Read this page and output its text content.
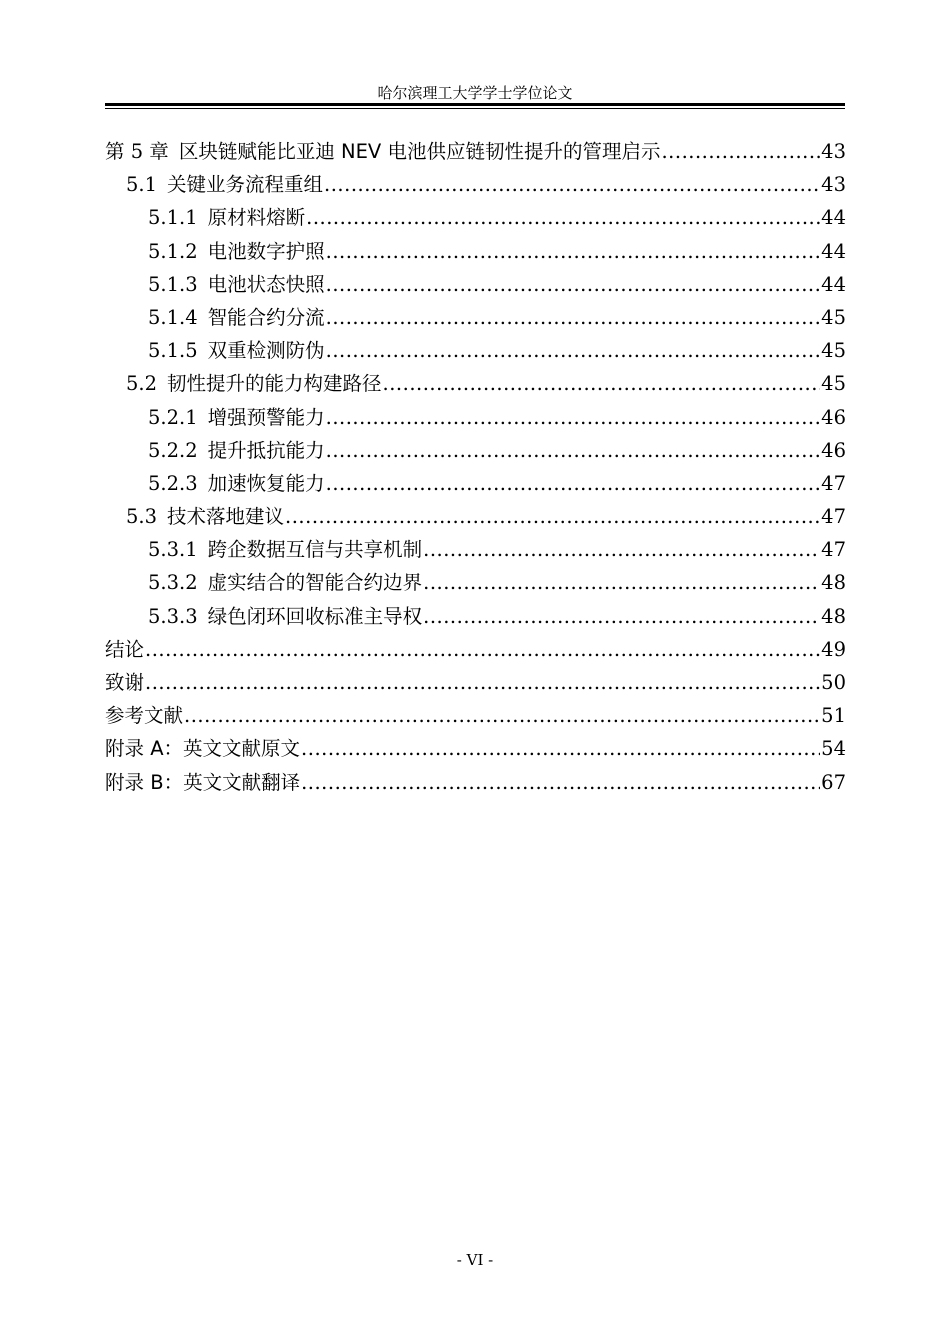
哈尔滨理工大学学士学位论文
第 5 章 区块链赋能比亚迪 NEV 电池供应链韧性提升的管理启示 .....	43
5.1 关键业务流程重组 .....	43
5.1.1 原材料熔断 .....	44
5.1.2 电池数字护照 .....	44
5.1.3 电池状态快照 .....	44
5.1.4 智能合约分流 .....	45
5.1.5 双重检测防伪 .....	45
5.2 韧性提升的能力构建路径 .....	45
5.2.1 增强预警能力 .....	46
5.2.2 提升抵抗能力 .....	46
5.2.3 加速恢复能力 .....	47
5.3 技术落地建议 .....	47
5.3.1 跨企数据互信与共享机制 .....	47
5.3.2 虚实结合的智能合约边界 .....	48
5.3.3 绿色闭环回收标准主导权 .....	48
结论 .....	49
致谢 .....	50
参考文献 .....	51
附录 A：英文文献原文 .....	54
附录 B：英文文献翻译 .....	67
- VI -
